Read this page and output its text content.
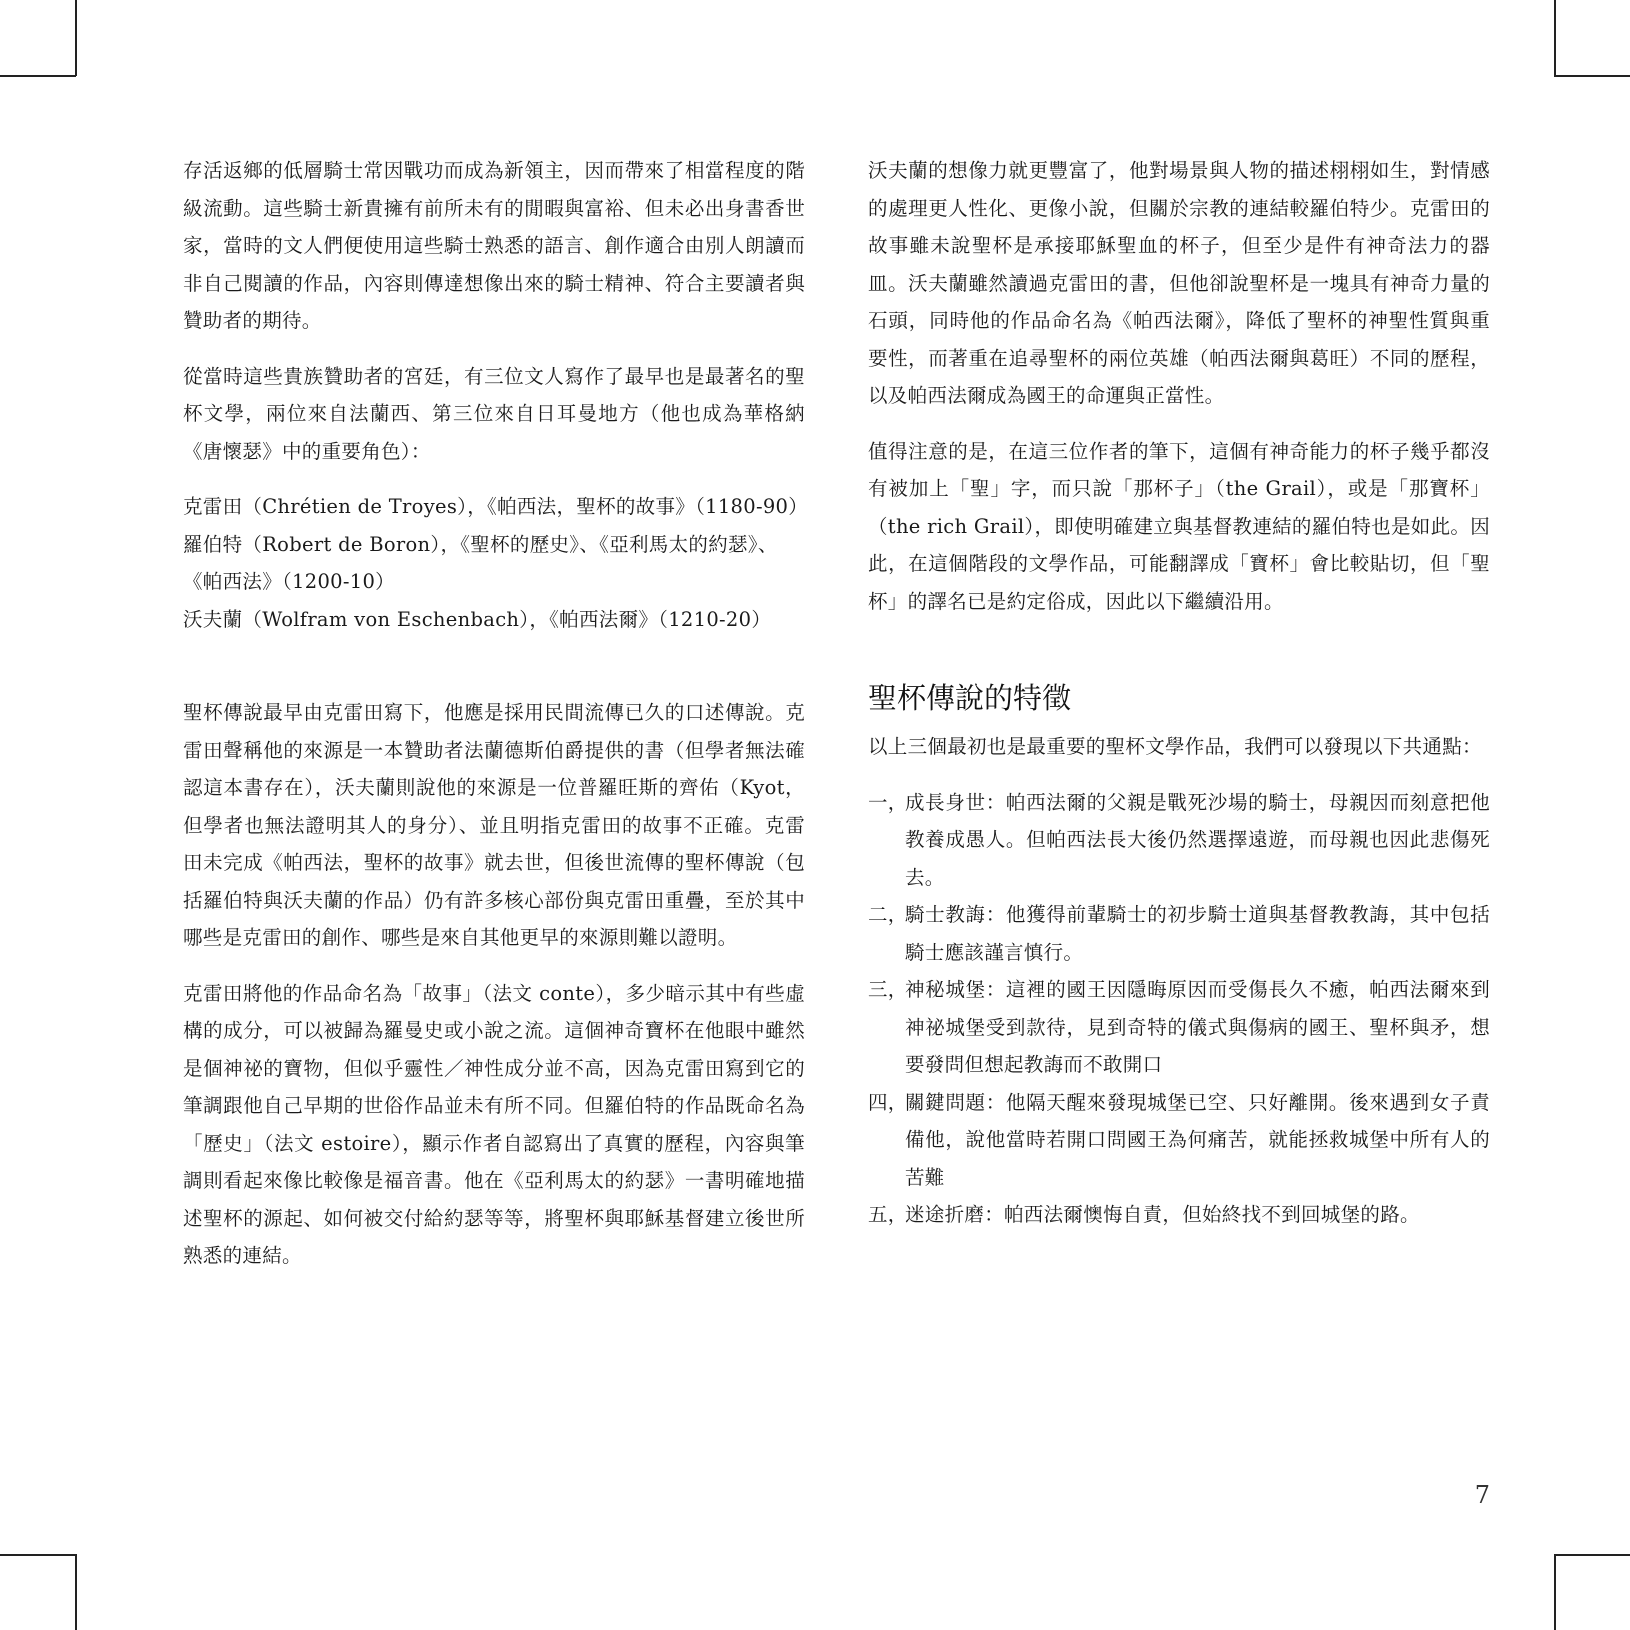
存活返鄉的低層騎士常因戰功而成為新領主，因而帶來了相當程度的階級流動。這些騎士新貴擁有前所未有的閒暇與富裕、但未必出身書香世家，當時的文人們便使用這些騎士熟悉的語言、創作適合由別人朗讀而非自己閱讀的作品，內容則傳達想像出來的騎士精神、符合主要讀者與贊助者的期待。

從當時這些貴族贊助者的宮廷，有三位文人寫作了最早也是最著名的聖杯文學，兩位來自法蘭西、第三位來自日耳曼地方（他也成為華格納《唐懷瑟》中的重要角色）：

克雷田（Chrétien de Troyes），《帕西法，聖杯的故事》（1180-90）

羅伯特（Robert de Boron），《聖杯的歷史》、《亞利馬太的約瑟》、《帕西法》（1200-10）

沃夫蘭（Wolfram von Eschenbach），《帕西法爾》（1210-20）

聖杯傳說最早由克雷田寫下，他應是採用民間流傳已久的口述傳說。克雷田聲稱他的來源是一本贊助者法蘭德斯伯爵提供的書（但學者無法確認這本書存在），沃夫蘭則說他的來源是一位普羅旺斯的齊佑（Kyot，但學者也無法證明其人的身分）、並且明指克雷田的故事不正確。克雷田未完成《帕西法，聖杯的故事》就去世，但後世流傳的聖杯傳說（包括羅伯特與沃夫蘭的作品）仍有許多核心部份與克雷田重疊，至於其中哪些是克雷田的創作、哪些是來自其他更早的來源則難以證明。

克雷田將他的作品命名為「故事」（法文 conte），多少暗示其中有些虛構的成分，可以被歸為羅曼史或小說之流。這個神奇寶杯在他眼中雖然是個神祕的寶物，但似乎靈性／神性成分並不高，因為克雷田寫到它的筆調跟他自己早期的世俗作品並未有所不同。但羅伯特的作品既命名為「歷史」（法文 estoire），顯示作者自認寫出了真實的歷程，內容與筆調則看起來像比較像是福音書。他在《亞利馬太的約瑟》一書明確地描述聖杯的源起、如何被交付給約瑟等等，將聖杯與耶穌基督建立後世所熟悉的連結。

沃夫蘭的想像力就更豐富了，他對場景與人物的描述栩栩如生，對情感的處理更人性化、更像小說，但關於宗教的連結較羅伯特少。克雷田的故事雖未說聖杯是承接耶穌聖血的杯子，但至少是件有神奇法力的器皿。沃夫蘭雖然讀過克雷田的書，但他卻說聖杯是一塊具有神奇力量的石頭，同時他的作品命名為《帕西法爾》，降低了聖杯的神聖性質與重要性，而著重在追尋聖杯的兩位英雄（帕西法爾與葛旺）不同的歷程，以及帕西法爾成為國王的命運與正當性。

值得注意的是，在這三位作者的筆下，這個有神奇能力的杯子幾乎都沒有被加上「聖」字，而只說「那杯子」（the Grail），或是「那寶杯」（the rich Grail），即使明確建立與基督教連結的羅伯特也是如此。因此，在這個階段的文學作品，可能翻譯成「寶杯」會比較貼切，但「聖杯」的譯名已是約定俗成，因此以下繼續沿用。

聖杯傳說的特徵

以上三個最初也是最重要的聖杯文學作品，我們可以發現以下共通點：

一，
成長身世：帕西法爾的父親是戰死沙場的騎士，母親因而刻意把他教養成愚人。但帕西法長大後仍然選擇遠遊，而母親也因此悲傷死去。
二，
騎士教誨：他獲得前輩騎士的初步騎士道與基督教教誨，其中包括騎士應該謹言慎行。
三，
神秘城堡：這裡的國王因隱晦原因而受傷長久不癒，帕西法爾來到神祕城堡受到款待，見到奇特的儀式與傷病的國王、聖杯與矛，想要發問但想起教誨而不敢開口
四，
關鍵問題：他隔天醒來發現城堡已空、只好離開。後來遇到女子責備他，說他當時若開口問國王為何痛苦，就能拯救城堡中所有人的苦難
五，
迷途折磨：帕西法爾懊悔自責，但始終找不到回城堡的路。
7
